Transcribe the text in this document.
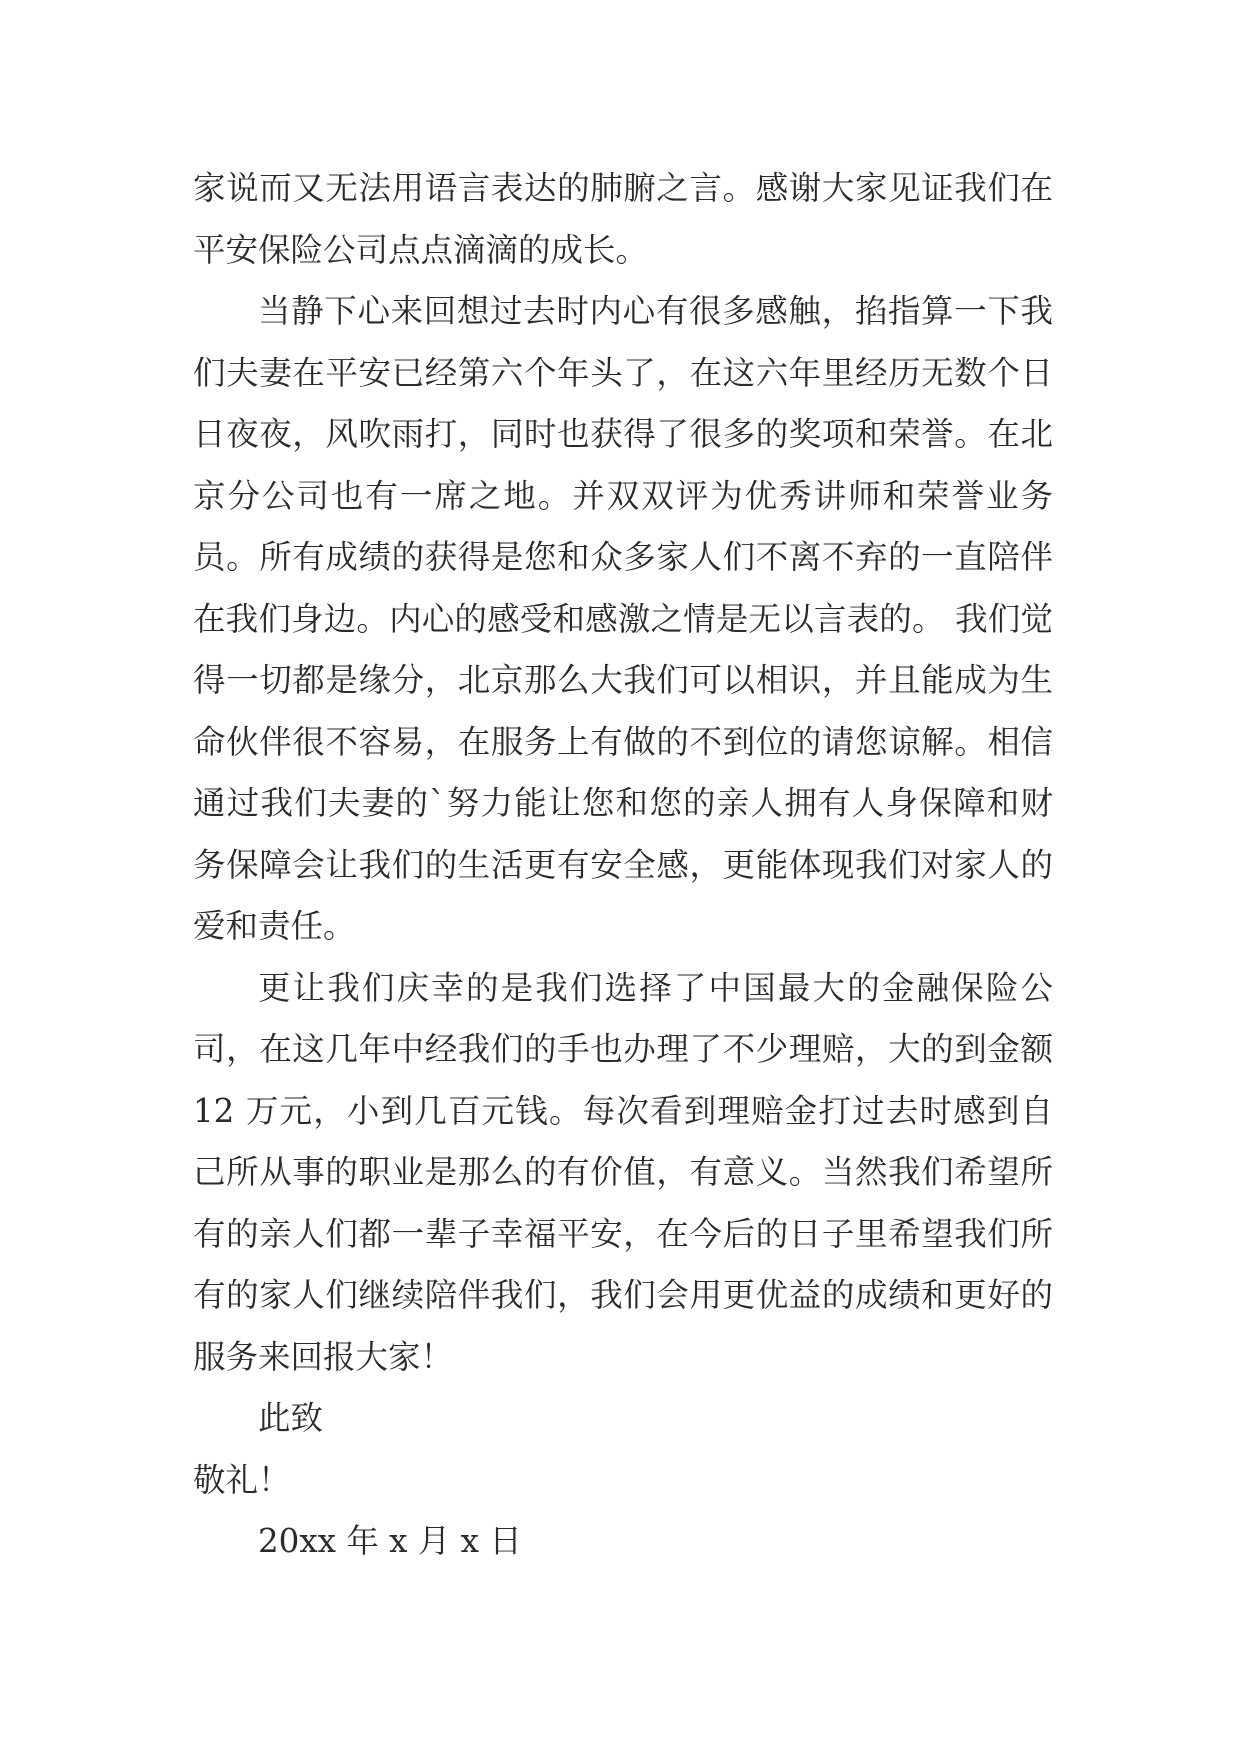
家说而又无法用语言表达的肺腑之言。感谢大家见证我们在平安保险公司点点滴滴的成长。

当静下心来回想过去时内心有很多感触，掐指算一下我们夫妻在平安已经第六个年头了，在这六年里经历无数个日日夜夜，风吹雨打，同时也获得了很多的奖项和荣誉。在北京分公司也有一席之地。并双双评为优秀讲师和荣誉业务员。所有成绩的获得是您和众多家人们不离不弃的一直陪伴在我们身边。内心的感受和感激之情是无以言表的。 我们觉得一切都是缘分，北京那么大我们可以相识，并且能成为生命伙伴很不容易，在服务上有做的不到位的请您谅解。相信通过我们夫妻的`努力能让您和您的亲人拥有人身保障和财务保障会让我们的生活更有安全感，更能体现我们对家人的爱和责任。

更让我们庆幸的是我们选择了中国最大的金融保险公司，在这几年中经我们的手也办理了不少理赔，大的到金额12 万元，小到几百元钱。每次看到理赔金打过去时感到自己所从事的职业是那么的有价值，有意义。当然我们希望所有的亲人们都一辈子幸福平安，在今后的日子里希望我们所有的家人们继续陪伴我们，我们会用更优益的成绩和更好的服务来回报大家！

此致

敬礼！

20xx 年 x 月 x 日
